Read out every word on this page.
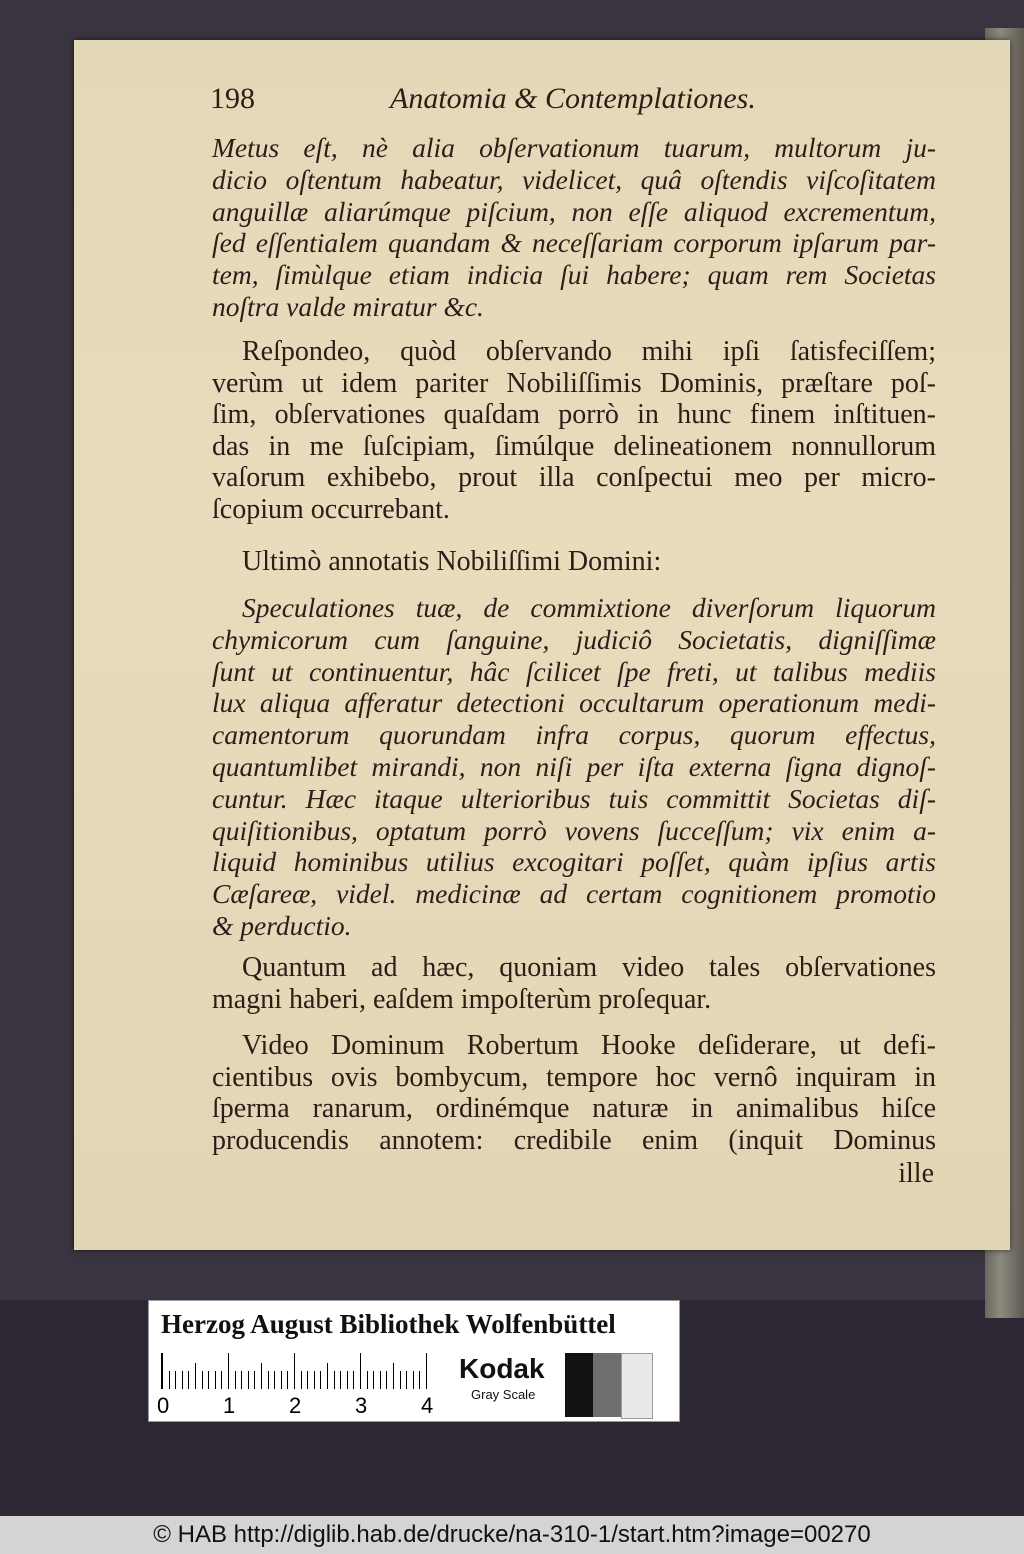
198	Anatomia & Contemplationes.
Metus eſt, nè alia obſervationum tuarum, multorum ju-
dicio oſtentum habeatur, videlicet, quâ oſtendis viſcoſitatem
anguillæ aliarúmque piſcium, non eſſe aliquod excrementum,
ſed eſſentialem quandam & neceſſariam corporum ipſarum par-
tem, ſimùlque etiam indicia ſui habere; quam rem Societas
noſtra valde miratur &c.
Reſpondeo, quòd obſervando mihi ipſi ſatisfeciſſem;
verùm ut idem pariter Nobiliſſimis Dominis, præſtare poſ-
ſim, obſervationes quaſdam porrò in hunc finem inſtituen-
das in me ſuſcipiam, ſimúlque delineationem nonnullorum
vaſorum exhibebo, prout illa conſpectui meo per micro-
ſcopium occurrebant.
Ultimò annotatis Nobiliſſimi Domini:
Speculationes tuæ, de commixtione diverſorum liquorum
chymicorum cum ſanguine, judiciô Societatis, digniſſimæ
ſunt ut continuentur, hâc ſcilicet ſpe freti, ut talibus mediis
lux aliqua afferatur detectioni occultarum operationum medi-
camentorum quorundam infra corpus, quorum effectus,
quantumlibet mirandi, non niſi per iſta externa ſigna dignoſ-
cuntur. Hæc itaque ulterioribus tuis committit Societas diſ-
quiſitionibus, optatum porrò vovens ſucceſſum; vix enim a-
liquid hominibus utilius excogitari poſſet, quàm ipſius artis
Cæſareæ, videl. medicinæ ad certam cognitionem promotio
& perductio.
Quantum ad hæc, quoniam video tales obſervationes
magni haberi, eaſdem impoſterùm proſequar.
Video Dominum Robertum Hooke deſiderare, ut defi-
cientibus ovis bombycum, tempore hoc vernô inquiram in
ſperma ranarum, ordinémque naturæ in animalibus hiſce
producendis annotem: credibile enim (inquit Dominus
ille
Herzog August Bibliothek Wolfenbüttel
0 1 2 3 4
Kodak
Gray Scale
© HAB http://diglib.hab.de/drucke/na-310-1/start.htm?image=00270
